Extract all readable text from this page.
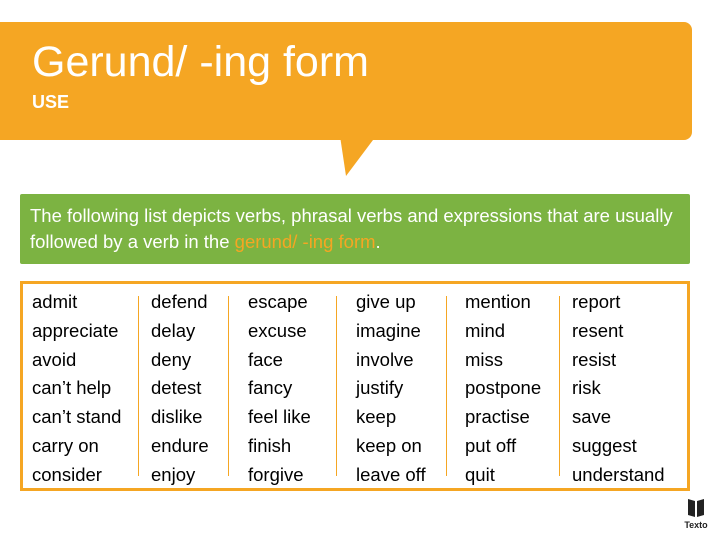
Gerund/ -ing form

USE

The following list depicts verbs, phrasal verbs and expressions that are usually followed by a verb in the gerund/ -ing form.
admit
appreciate
avoid
can’t help
can’t stand
carry on
consider
defend
delay
deny
detest
dislike
endure
enjoy
escape
excuse
face
fancy
feel like
finish
forgive
give up
imagine
involve
justify
keep
keep on
leave off
mention
mind
miss
postpone
practise
put off
quit
report
resent
resist
risk
save
suggest
understand
Texto
